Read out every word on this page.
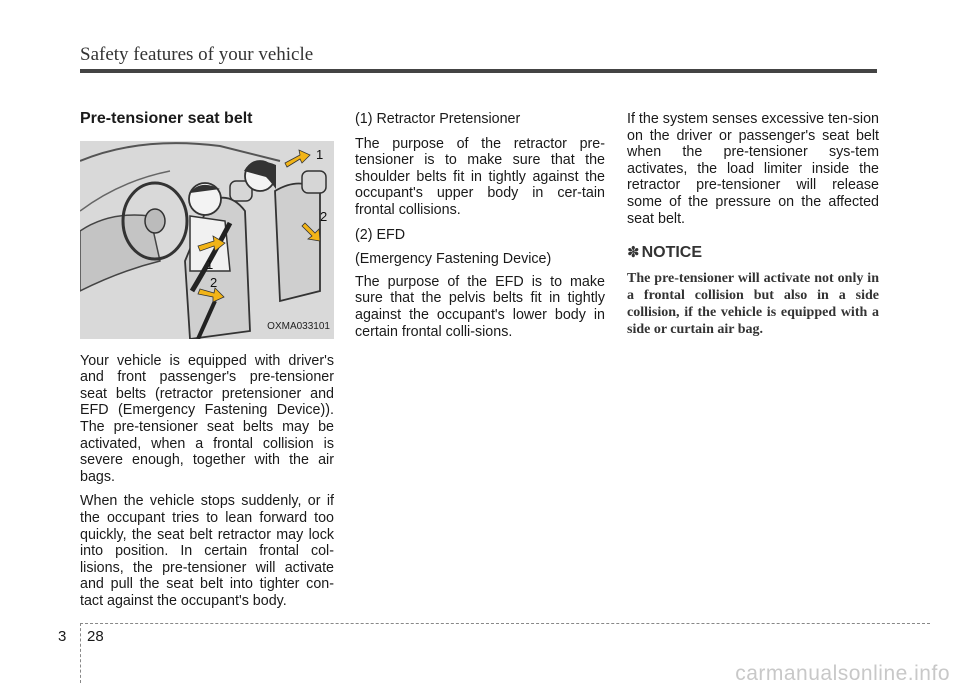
Safety features of your vehicle
Pre-tensioner seat belt
1
2
1
2
OXMA033101

Your vehicle is equipped with driver's and front passenger's pre-tensioner seat belts (retractor pretensioner and EFD (Emergency Fastening Device)). The pre-tensioner seat belts may be activated, when a frontal collision is severe enough, together with the air bags.

When the vehicle stops suddenly, or if the occupant tries to lean forward too quickly, the seat belt retractor may lock into position. In certain frontal col-lisions, the pre-tensioner will activate and pull the seat belt into tighter con-tact against the occupant's body.

(1) Retractor Pretensioner

The purpose of the retractor pre-tensioner is to make sure that the shoulder belts fit in tightly against the occupant's upper body in cer-tain frontal collisions.

(2) EFD

(Emergency Fastening Device)

The purpose of the EFD is to make sure that the pelvis belts fit in tightly against the occupant's lower body in certain frontal colli-sions.

If the system senses excessive ten-sion on the driver or passenger's seat belt when the pre-tensioner sys-tem activates, the load limiter inside the retractor pre-tensioner will release some of the pressure on the affected seat belt.

✽ NOTICE

The pre-tensioner will activate not only in a frontal collision but also in a side collision, if the vehicle is equipped with a side or curtain air bag.

3 28
carmanualsonline.info
